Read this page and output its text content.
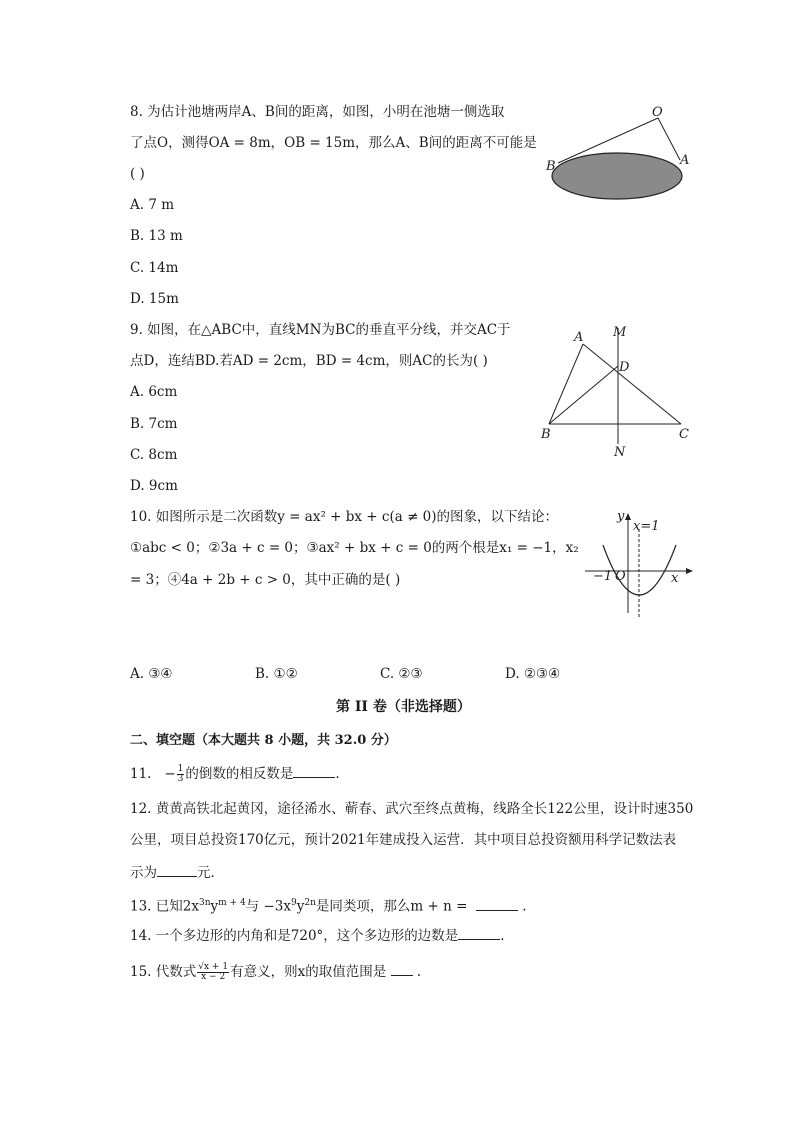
8. 为估计池塘两岸A、B间的距离，如图，小明在池塘一侧选取
了点O，测得OA = 8m，OB = 15m，那么A、B间的距离不可能是
( )
A. 7 m
B. 13 m
C. 14m
D. 15m
O
A
B
9. 如图，在△ABC中，直线MN为BC的垂直平分线，并交AC于
点D，连结BD.若AD = 2cm，BD = 4cm，则AC的长为( )
A. 6cm
B. 7cm
C. 8cm
D. 9cm
A M
D
B	C
N
10. 如图所示是二次函数y = ax² + bx + c(a ≠ 0)的图象，以下结论：
①abc < 0；②3a + c = 0；③ax² + bx + c = 0的两个根是x₁ = −1，x₂
= 3；④4a + 2b + c > 0，其中正确的是( )
y
x=1
x
−1 O
A. ③④	B. ①②	C. ②③	D. ②③④
第 II 卷（非选择题）
二、填空题（本大题共 8 小题，共 32.0 分）
11. − $\frac{1}{3}$ 的倒数的相反数是	.
12. 黄黄高铁北起黄冈，途径浠水、蕲春、武穴至终点黄梅，线路全长122公里，设计时速350
公里，项目总投资170亿元，预计2021年建成投入运营．其中项目总投资额用科学记数法表
示为	元．
13. 已知$2x^{3n}y^{m + 4}$与 $-3x^9y^{2n}$是同类项，那么m + n =	.
14. 一个多边形的内角和是720°，这个多边形的边数是	.
15. 代数式 $\frac{√x + 1}{x - 2}$ 有意义，则x的取值范围是 .
